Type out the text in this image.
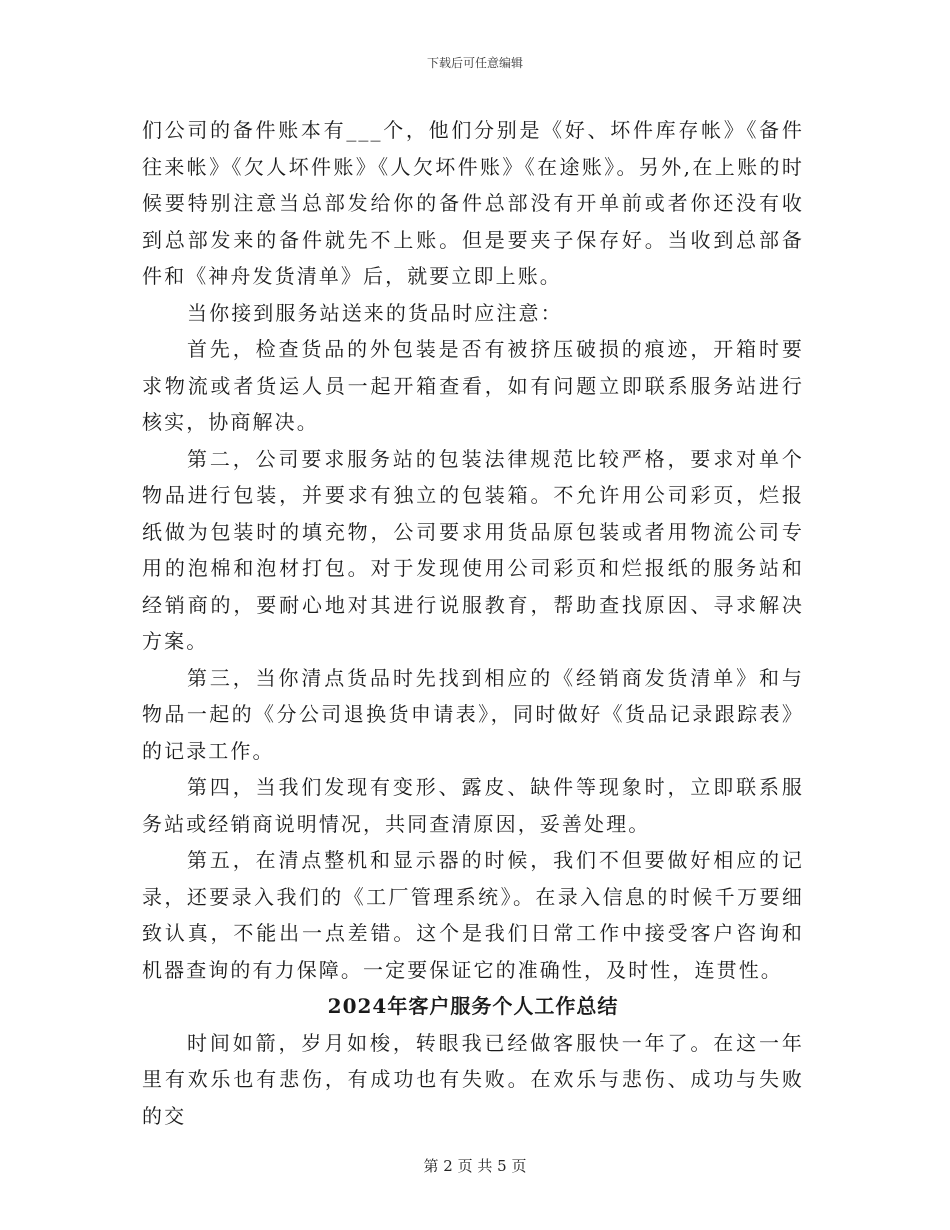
下载后可任意编辑

们公司的备件账本有___个，他们分别是《好、坏件库存帐》《备件往来帐》《欠人坏件账》《人欠坏件账》《在途账》。另外,在上账的时候要特别注意当总部发给你的备件总部没有开单前或者你还没有收到总部发来的备件就先不上账。但是要夹子保存好。当收到总部备件和《神舟发货清单》后，就要立即上账。

当你接到服务站送来的货品时应注意：

首先，检查货品的外包装是否有被挤压破损的痕迹，开箱时要求物流或者货运人员一起开箱查看，如有问题立即联系服务站进行核实，协商解决。

第二，公司要求服务站的包装法律规范比较严格，要求对单个物品进行包装，并要求有独立的包装箱。不允许用公司彩页，烂报纸做为包装时的填充物，公司要求用货品原包装或者用物流公司专用的泡棉和泡材打包。对于发现使用公司彩页和烂报纸的服务站和经销商的，要耐心地对其进行说服教育，帮助查找原因、寻求解决方案。

第三，当你清点货品时先找到相应的《经销商发货清单》和与物品一起的《分公司退换货申请表》，同时做好《货品记录跟踪表》的记录工作。

第四，当我们发现有变形、露皮、缺件等现象时，立即联系服务站或经销商说明情况，共同查清原因，妥善处理。

第五，在清点整机和显示器的时候，我们不但要做好相应的记录，还要录入我们的《工厂管理系统》。在录入信息的时候千万要细致认真，不能出一点差错。这个是我们日常工作中接受客户咨询和机器查询的有力保障。一定要保证它的准确性，及时性，连贯性。

2024年客户服务个人工作总结

时间如箭，岁月如梭，转眼我已经做客服快一年了。在这一年里有欢乐也有悲伤，有成功也有失败。在欢乐与悲伤、成功与失败的交

第 2 页 共 5 页
